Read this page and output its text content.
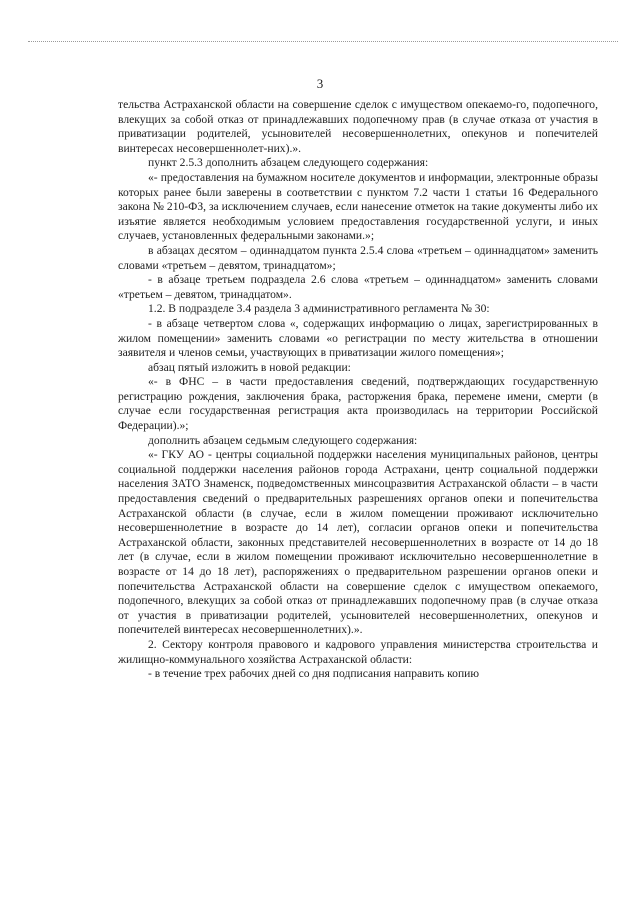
3

тельства Астраханской области на совершение сделок с имуществом опекаемо-го, подопечного, влекущих за собой отказ от принадлежавших подопечному прав (в случае отказа от участия в приватизации родителей, усыновителей несовершеннолетних, опекунов и попечителей винтересах несовершеннолет-них).».

пункт 2.5.3 дополнить абзацем следующего содержания:

«- предоставления на бумажном носителе документов и информации, электронные образы которых ранее были заверены в соответствии с пунктом 7.2 части 1 статьи 16 Федерального закона № 210-ФЗ, за исключением случаев, если нанесение отметок на такие документы либо их изъятие является необходимым условием предоставления государственной услуги, и иных случаев, установленных федеральными законами.»;

в абзацах десятом – одиннадцатом пункта 2.5.4 слова «третьем – одиннадцатом» заменить словами «третьем – девятом, тринадцатом»;

- в абзаце третьем подраздела 2.6 слова «третьем – одиннадцатом» заменить словами «третьем – девятом, тринадцатом».

1.2. В подразделе 3.4 раздела 3 административного регламента № 30:

- в абзаце четвертом слова «, содержащих информацию о лицах, зарегистрированных в жилом помещении» заменить словами «о регистрации по месту жительства в отношении заявителя и членов семьи, участвующих в приватизации жилого помещения»;

абзац пятый изложить в новой редакции:

«- в ФНС – в части предоставления сведений, подтверждающих государственную регистрацию рождения, заключения брака, расторжения брака, перемене имени, смерти (в случае если государственная регистрация акта производилась на территории Российской Федерации).»;

дополнить абзацем седьмым следующего содержания:

«- ГКУ АО - центры социальной поддержки населения муниципальных районов, центры социальной поддержки населения районов города Астрахани, центр социальной поддержки населения ЗАТО Знаменск, подведомственных минсоцразвития Астраханской области – в части предоставления сведений о предварительных разрешениях органов опеки и попечительства Астраханской области (в случае, если в жилом помещении проживают исключительно несовершеннолетние в возрасте до 14 лет), согласии органов опеки и попечительства Астраханской области, законных представителей несовершеннолетних в возрасте от 14 до 18 лет (в случае, если в жилом помещении проживают исключительно несовершеннолетние в возрасте от 14 до 18 лет), распоряжениях о предварительном разрешении органов опеки и попечительства Астраханской области на совершение сделок с имуществом опекаемого, подопечного, влекущих за собой отказ от принадлежавших подопечному прав (в случае отказа от участия в приватизации родителей, усыновителей несовершеннолетних, опекунов и попечителей винтересах несовершеннолетних).».

2. Сектору контроля правового и кадрового управления министерства строительства и жилищно-коммунального хозяйства Астраханской области:

- в течение трех рабочих дней со дня подписания направить копию
